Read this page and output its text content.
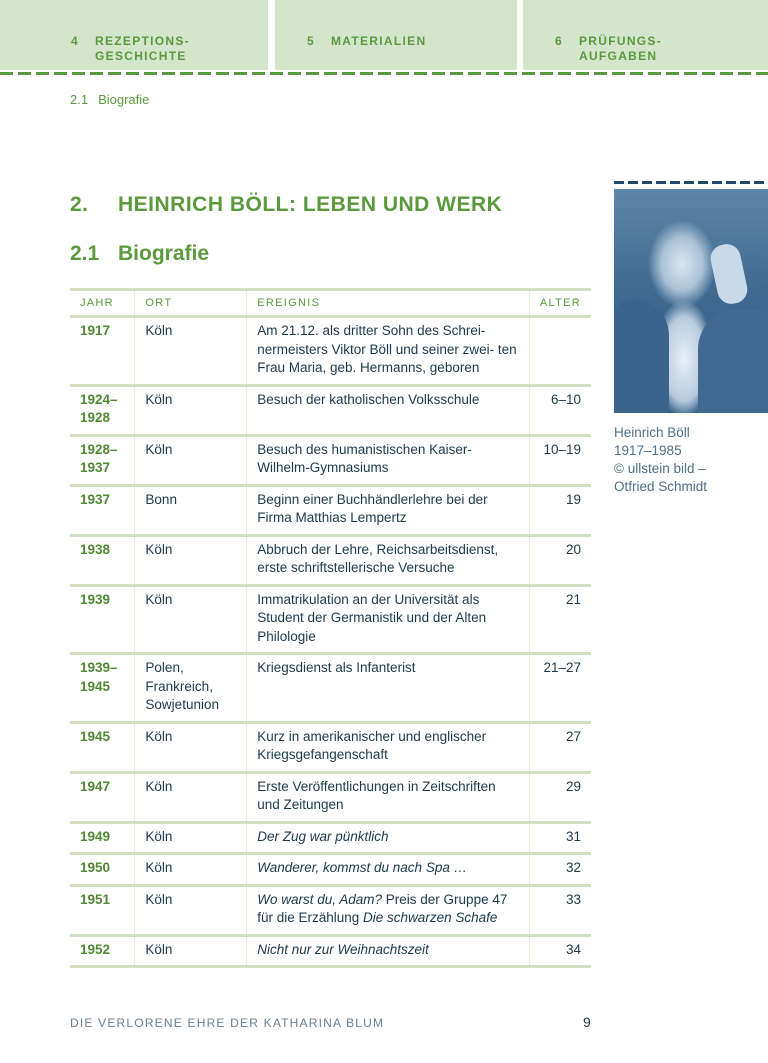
4 REZEPTIONS-
GESCHICHTE
5 MATERIALIEN	6 PRÜFUNGS-
AUFGABEN
2.1 Biografie
2. HEINRICH BÖLL: LEBEN UND WERK
2.1 Biografie
JAHR	ORT	EREIGNIS	ALTER
1917	Köln	Am 21.12. als dritter Sohn des Schrei- nermeisters Viktor Böll und seiner zwei- ten Frau Maria, geb. Hermanns, geboren	
1924–1928	Köln	Besuch der katholischen Volksschule	6–10
1928–1937	Köln	Besuch des humanistischen Kaiser-Wilhelm-Gymnasiums	10–19
1937	Bonn	Beginn einer Buchhändlerlehre bei der Firma Matthias Lempertz	19
1938	Köln	Abbruch der Lehre, Reichsarbeitsdienst, erste schriftstellerische Versuche	20
1939	Köln	Immatrikulation an der Universität als Student der Germanistik und der Alten Philologie	21
1939–1945	Polen, Frankreich, Sowjetunion	Kriegsdienst als Infanterist	21–27
1945	Köln	Kurz in amerikanischer und englischer Kriegsgefangenschaft	27
1947	Köln	Erste Veröffentlichungen in Zeitschriften und Zeitungen	29
1949	Köln	Der Zug war pünktlich	31
1950	Köln	Wanderer, kommst du nach Spa …	32
1951	Köln	Wo warst du, Adam? Preis der Gruppe 47 für die Erzählung Die schwarzen Schafe	33
1952	Köln	Nicht nur zur Weihnachtszeit	34
Heinrich Böll
1917–1985
© ullstein bild –
Otfried Schmidt
DIE VERLORENE EHRE DER KATHARINA BLUM	9
